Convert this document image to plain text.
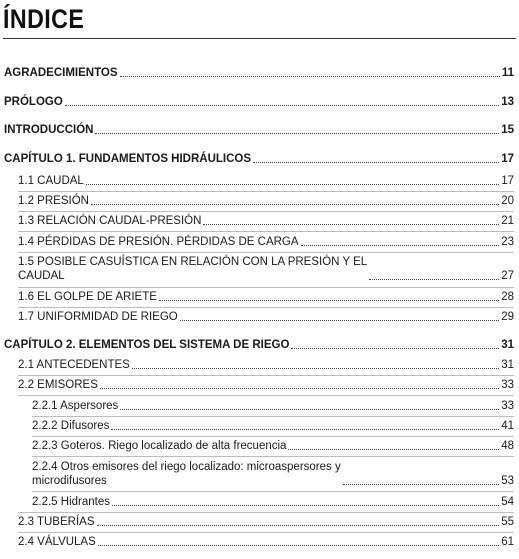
ÍNDICE
AGRADECIMIENTOS	11
PRÓLOGO	13
INTRODUCCIÓN	15
CAPÍTULO 1. FUNDAMENTOS HIDRÁULICOS	17
1.1 CAUDAL	17
1.2 PRESIÓN	20
1.3 RELACIÓN CAUDAL-PRESIÓN	21
1.4 PÉRDIDAS DE PRESIÓN. PÉRDIDAS DE CARGA	23
1.5 POSIBLE CASUÍSTICA EN RELACIÓN CON LA PRESIÓN Y EL
CAUDAL	27
1.6 EL GOLPE DE ARIETE	28
1.7 UNIFORMIDAD DE RIEGO	29
CAPÍTULO 2. ELEMENTOS DEL SISTEMA DE RIEGO	31
2.1 ANTECEDENTES	31
2.2 EMISORES	33
2.2.1 Aspersores	33
2.2.2 Difusores	41
2.2.3 Goteros. Riego localizado de alta frecuencia	48
2.2.4 Otros emisores del riego localizado: microaspersores y
microdifusores	53
2.2.5 Hidrantes	54
2.3 TUBERÍAS	55
2.4 VÁLVULAS	61
